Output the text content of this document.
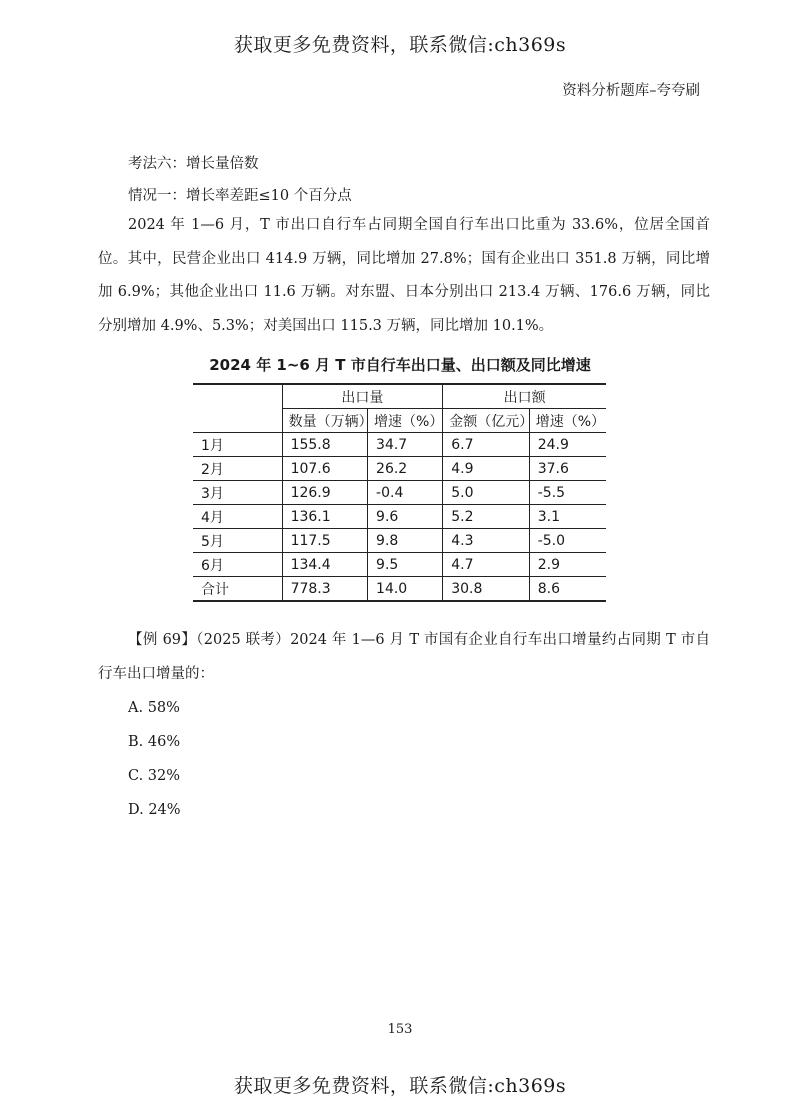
获取更多免费资料，联系微信:ch369s
资料分析题库–夸夸刷
考法六：增长量倍数
情况一：增长率差距≤10 个百分点
2024 年 1—6 月，T 市出口自行车占同期全国自行车出口比重为 33.6%，位居全国首位。其中，民营企业出口 414.9 万辆，同比增加 27.8%；国有企业出口 351.8 万辆，同比增加 6.9%；其他企业出口 11.6 万辆。对东盟、日本分别出口 213.4 万辆、176.6 万辆，同比分别增加 4.9%、5.3%；对美国出口 115.3 万辆，同比增加 10.1%。
2024 年 1~6 月 T 市自行车出口量、出口额及同比增速
	出口量		出口额	
	数量（万辆）	增速（%）	金额（亿元）	增速（%）
1月	155.8	34.7	6.7	24.9
2月	107.6	26.2	4.9	37.6
3月	126.9	-0.4	5.0	-5.5
4月	136.1	9.6	5.2	3.1
5月	117.5	9.8	4.3	-5.0
6月	134.4	9.5	4.7	2.9
合计	778.3	14.0	30.8	8.6
【例 69】（2025 联考）2024 年 1—6 月 T 市国有企业自行车出口增量约占同期 T 市自行车出口增量的：
A. 58%
B. 46%
C. 32%
D. 24%
153
获取更多免费资料，联系微信:ch369s
